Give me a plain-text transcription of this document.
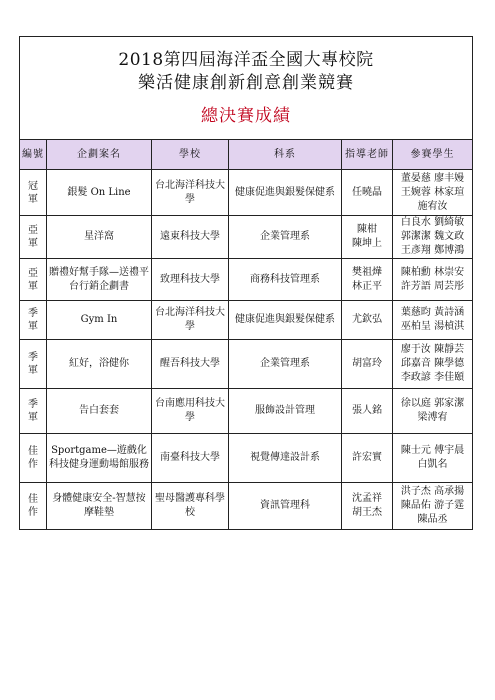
2018第四屆海洋盃全國大專校院
樂活健康創新創意創業競賽
總決賽成績					

編號	企劃案名	學校	科系	指導老師	參賽學生

冠
軍	銀髮 On Line	台北海洋科技大學	健康促進與銀髮保健系	任曉晶	董晏慈 廖丰嫚
王婉蓉 林家瑄
施宥汝

亞
軍	星洋窩	遠東科技大學	企業管理系	陳柑
陳坤上	白良水 劉綺敏
郭潔潔 魏文政
王彥翔 鄭博鴻

亞
軍	贈禮好幫手隊—送禮平台行銷企劃書	致理科技大學	商務科技管理系	樊祖燁
林正平	陳柏勳 林崇安
許芳語 周芸彤

季
軍	Gym In	台北海洋科技大學	健康促進與銀髮保健系	尤欽弘	葉慈昀 黃詩涵
巫柏呈 湯楨淇

季
軍	紅好，浴健你	醒吾科技大學	企業管理系	胡富玲	廖于汝 陳靜芸
邱嘉音 陳學德
李政諺 李佳頤

季
軍	告白套套	台南應用科技大學	服飾設計管理	張人銘	徐以庭 郭家潔
梁溥宥

佳
作	Sportgame—遊戲化科技健身運動場館服務	南臺科技大學	視覺傳達設計系	許宏實	陳士元 傅宇晨
白凱名

佳
作	身體健康安全-智慧按摩鞋墊	聖母醫護專科學校	資訊管理科	沈孟祥
胡王杰	洪子杰 高承揚
陳品佑 游子霆
陳品丞
